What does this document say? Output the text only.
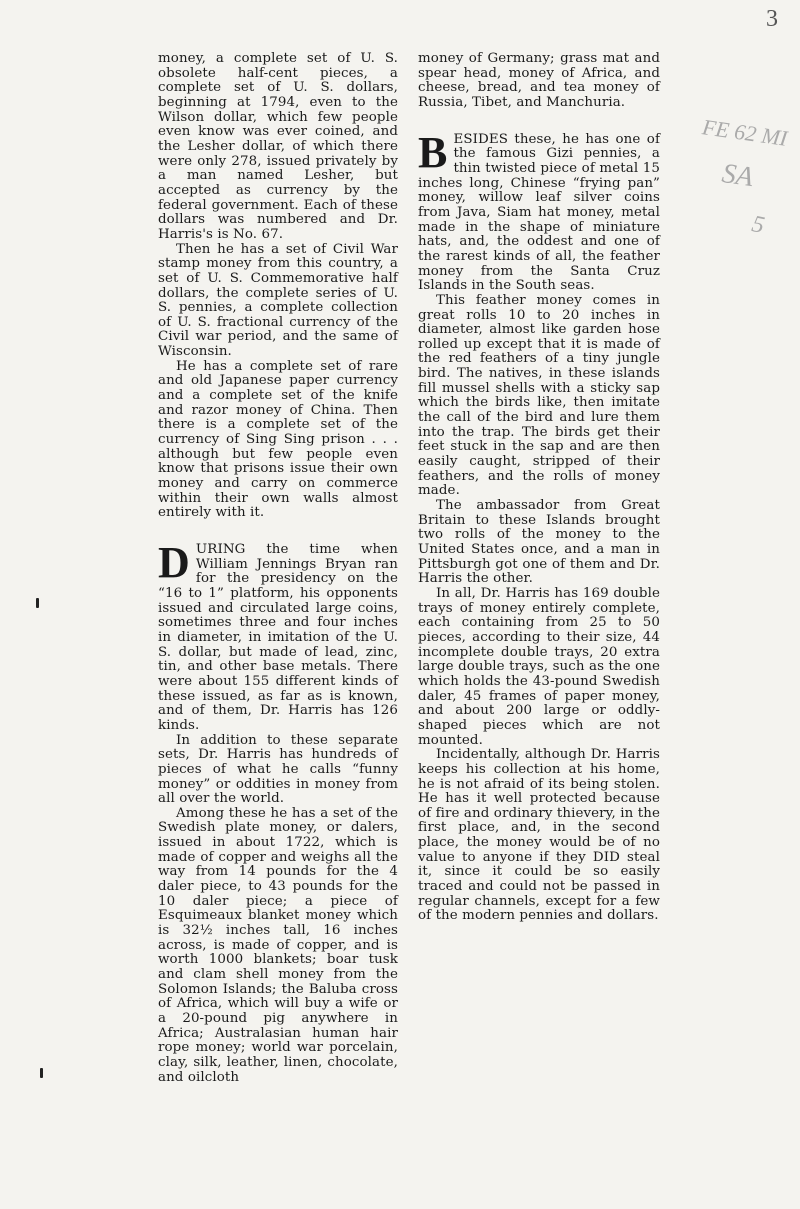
3
FE 62 MI
SA
5

money, a complete set of U. S. obsolete half-cent pieces, a complete set of U. S. dollars, beginning at 1794, even to the Wilson dollar, which few people even know was ever coined, and the Lesher dollar, of which there were only 278, issued privately by a man named Lesher, but accepted as currency by the federal government. Each of these dollars was numbered and Dr. Harris's is No. 67.

Then he has a set of Civil War stamp money from this country, a set of U. S. Commemorative half dollars, the complete series of U. S. pennies, a complete collection of U. S. fractional currency of the Civil war period, and the same of Wisconsin.

He has a complete set of rare and old Japanese paper currency and a complete set of the knife and razor money of China. Then there is a complete set of the currency of Sing Sing prison . . . although but few people even know that prisons issue their own money and carry on commerce within their own walls almost entirely with it.

DURING the time when William Jennings Bryan ran for the presidency on the “16 to 1” platform, his opponents issued and circulated large coins, sometimes three and four inches in diameter, in imitation of the U. S. dollar, but made of lead, zinc, tin, and other base metals. There were about 155 different kinds of these issued, as far as is known, and of them, Dr. Harris has 126 kinds.

In addition to these separate sets, Dr. Harris has hundreds of pieces of what he calls “funny money” or oddities in money from all over the world.

Among these he has a set of the Swedish plate money, or dalers, issued in about 1722, which is made of copper and weighs all the way from 14 pounds for the 4 daler piece, to 43 pounds for the 10 daler piece; a piece of Esquimeaux blanket money which is 32½ inches tall, 16 inches across, is made of copper, and is worth 1000 blankets; boar tusk and clam shell money from the Solomon Islands; the Baluba cross of Africa, which will buy a wife or a 20-pound pig anywhere in Africa; Australasian human hair rope money; world war porcelain, clay, silk, leather, linen, chocolate, and oilcloth

money of Germany; grass mat and spear head, money of Africa, and cheese, bread, and tea money of Russia, Tibet, and Manchuria.

BESIDES these, he has one of the famous Gizi pennies, a thin twisted piece of metal 15 inches long, Chinese “frying pan” money, willow leaf silver coins from Java, Siam hat money, metal made in the shape of miniature hats, and, the oddest and one of the rarest kinds of all, the feather money from the Santa Cruz Islands in the South seas.

This feather money comes in great rolls 10 to 20 inches in diameter, almost like garden hose rolled up except that it is made of the red feathers of a tiny jungle bird. The natives, in these islands fill mussel shells with a sticky sap which the birds like, then imitate the call of the bird and lure them into the trap. The birds get their feet stuck in the sap and are then easily caught, stripped of their feathers, and the rolls of money made.

The ambassador from Great Britain to these Islands brought two rolls of the money to the United States once, and a man in Pittsburgh got one of them and Dr. Harris the other.

In all, Dr. Harris has 169 double trays of money entirely complete, each containing from 25 to 50 pieces, according to their size, 44 incomplete double trays, 20 extra large double trays, such as the one which holds the 43-pound Swedish daler, 45 frames of paper money, and about 200 large or oddly-shaped pieces which are not mounted.

Incidentally, although Dr. Harris keeps his collection at his home, he is not afraid of its being stolen. He has it well protected because of fire and ordinary thievery, in the first place, and, in the second place, the money would be of no value to anyone if they DID steal it, since it could be so easily traced and could not be passed in regular channels, except for a few of the modern pennies and dollars.
